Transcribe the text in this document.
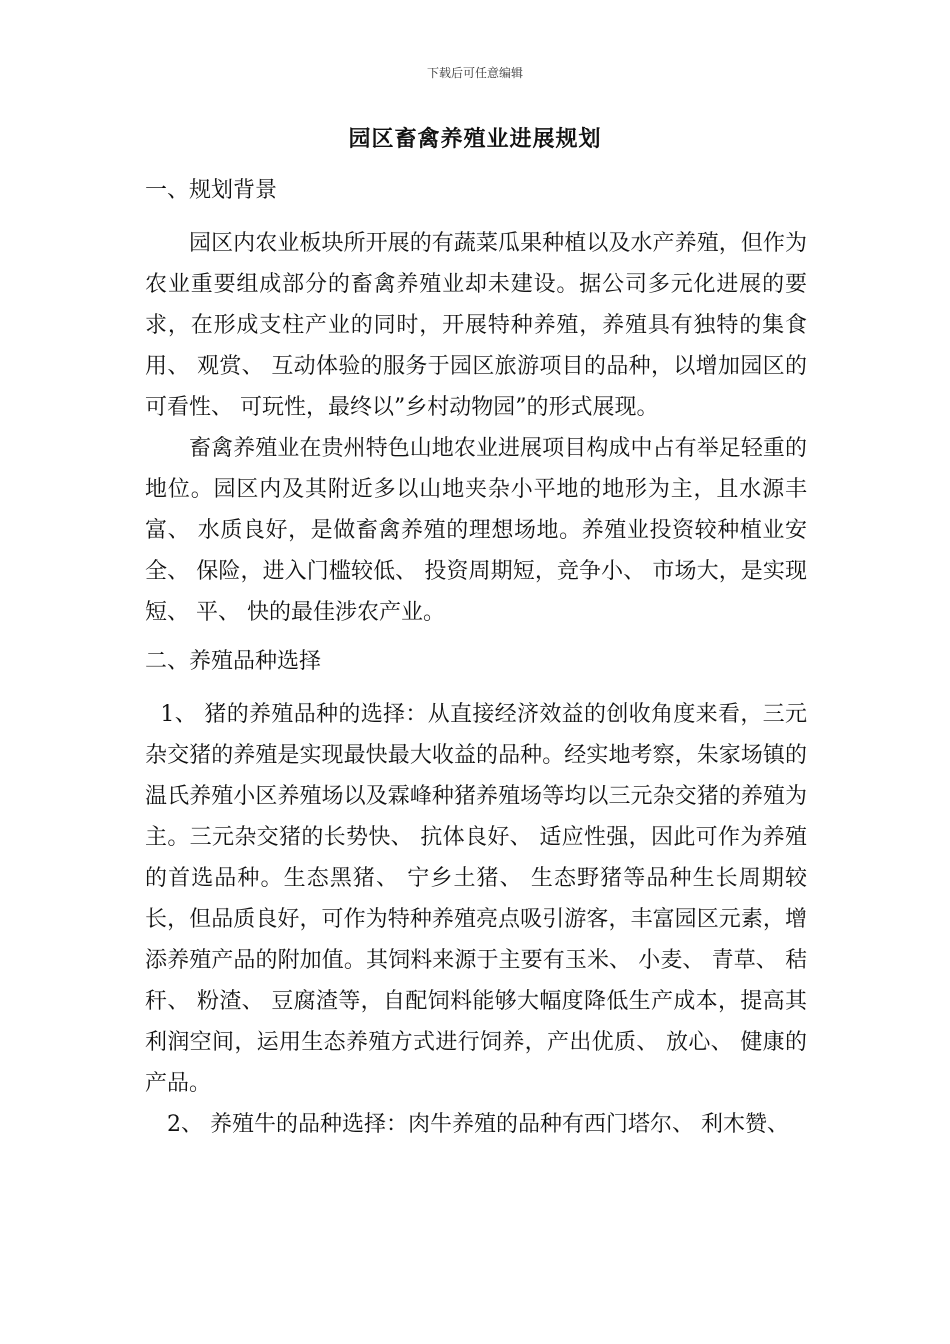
下载后可任意编辑
园区畜禽养殖业进展规划
一、规划背景

园区内农业板块所开展的有蔬菜瓜果种植以及水产养殖，但作为农业重要组成部分的畜禽养殖业却未建设。据公司多元化进展的要求，在形成支柱产业的同时，开展特种养殖，养殖具有独特的集食用、 观赏、 互动体验的服务于园区旅游项目的品种，以增加园区的可看性、 可玩性，最终以”乡村动物园”的形式展现。

畜禽养殖业在贵州特色山地农业进展项目构成中占有举足轻重的地位。园区内及其附近多以山地夹杂小平地的地形为主，且水源丰富、 水质良好，是做畜禽养殖的理想场地。养殖业投资较种植业安全、 保险，进入门槛较低、 投资周期短，竞争小、 市场大，是实现短、 平、 快的最佳涉农产业。

二、养殖品种选择

1、 猪的养殖品种的选择：从直接经济效益的创收角度来看，三元杂交猪的养殖是实现最快最大收益的品种。经实地考察，朱家场镇的温氏养殖小区养殖场以及霖峰种猪养殖场等均以三元杂交猪的养殖为主。三元杂交猪的长势快、 抗体良好、 适应性强，因此可作为养殖的首选品种。生态黑猪、 宁乡土猪、 生态野猪等品种生长周期较长，但品质良好，可作为特种养殖亮点吸引游客，丰富园区元素，增添养殖产品的附加值。其饲料来源于主要有玉米、 小麦、 青草、 秸秆、 粉渣、 豆腐渣等，自配饲料能够大幅度降低生产成本，提高其利润空间，运用生态养殖方式进行饲养，产出优质、 放心、 健康的产品。

2、 养殖牛的品种选择：肉牛养殖的品种有西门塔尔、 利木赞、
